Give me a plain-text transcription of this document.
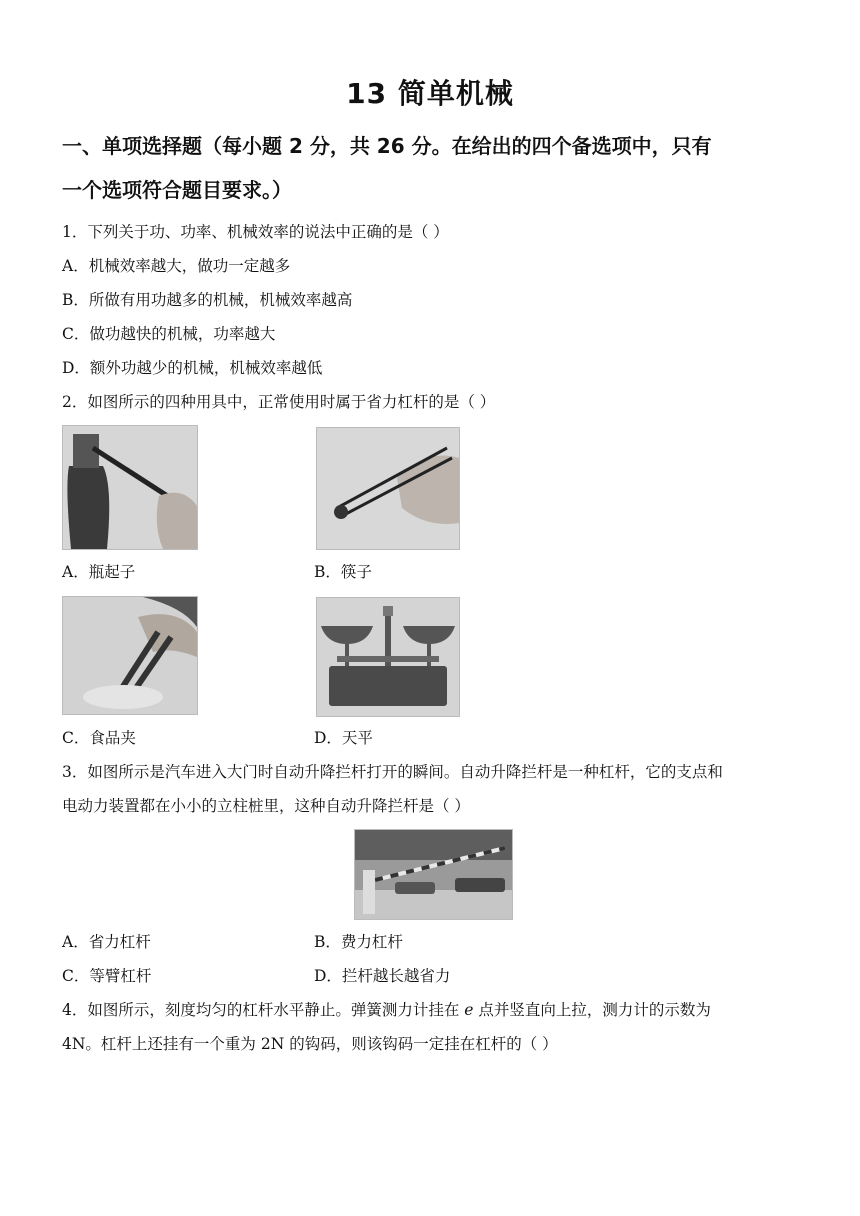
13 简单机械
一、单项选择题（每小题 2 分，共 26 分。在给出的四个备选项中，只有
一个选项符合题目要求。）
1．下列关于功、功率、机械效率的说法中正确的是（ ）
A．机械效率越大，做功一定越多
B．所做有用功越多的机械，机械效率越高
C．做功越快的机械，功率越大
D．额外功越少的机械，机械效率越低
2．如图所示的四种用具中，正常使用时属于省力杠杆的是（ ）
A．瓶起子	B．筷子
C．食品夹	D．天平
3．如图所示是汽车进入大门时自动升降拦杆打开的瞬间。自动升降拦杆是一种杠杆，它的支点和
电动力装置都在小小的立柱桩里，这种自动升降拦杆是（ ）
A．省力杠杆	B．费力杠杆
C．等臂杠杆	D．拦杆越长越省力
4．如图所示，刻度均匀的杠杆水平静止。弹簧测力计挂在 e 点并竖直向上拉，测力计的示数为
4N。杠杆上还挂有一个重为 2N 的钩码，则该钩码一定挂在杠杆的（ ）
